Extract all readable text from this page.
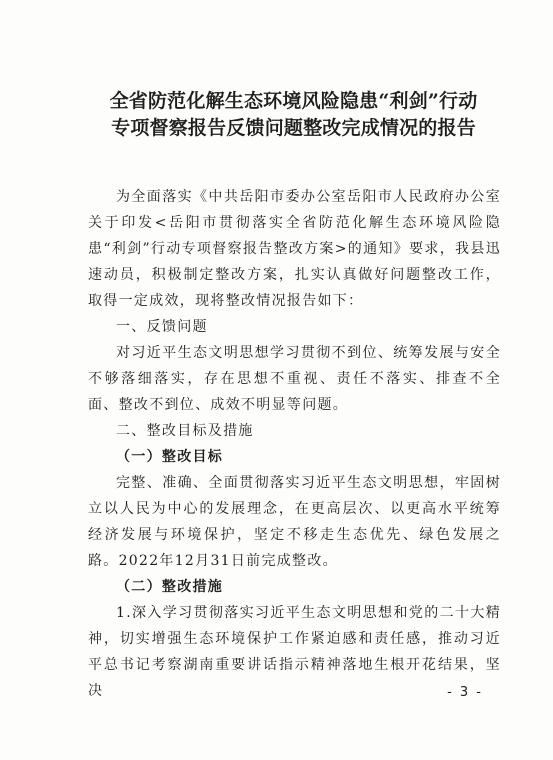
全省防范化解生态环境风险隐患“利剑”行动
专项督察报告反馈问题整改完成情况的报告

为全面落实《中共岳阳市委办公室岳阳市人民政府办公室关于印发<岳阳市贯彻落实全省防范化解生态环境风险隐患“利剑”行动专项督察报告整改方案>的通知》要求，我县迅速动员，积极制定整改方案，扎实认真做好问题整改工作，取得一定成效，现将整改情况报告如下：

一、反馈问题

对习近平生态文明思想学习贯彻不到位、统筹发展与安全不够落细落实，存在思想不重视、责任不落实、排查不全面、整改不到位、成效不明显等问题。

二、整改目标及措施
（一）整改目标

完整、准确、全面贯彻落实习近平生态文明思想，牢固树立以人民为中心的发展理念，在更高层次、以更高水平统筹经济发展与环境保护，坚定不移走生态优先、绿色发展之路。2022年12月31日前完成整改。

（二）整改措施

1.深入学习贯彻落实习近平生态文明思想和党的二十大精神，切实增强生态环境保护工作紧迫感和责任感，推动习近平总书记考察湖南重要讲话指示精神落地生根开花结果，坚决	- 3 -
